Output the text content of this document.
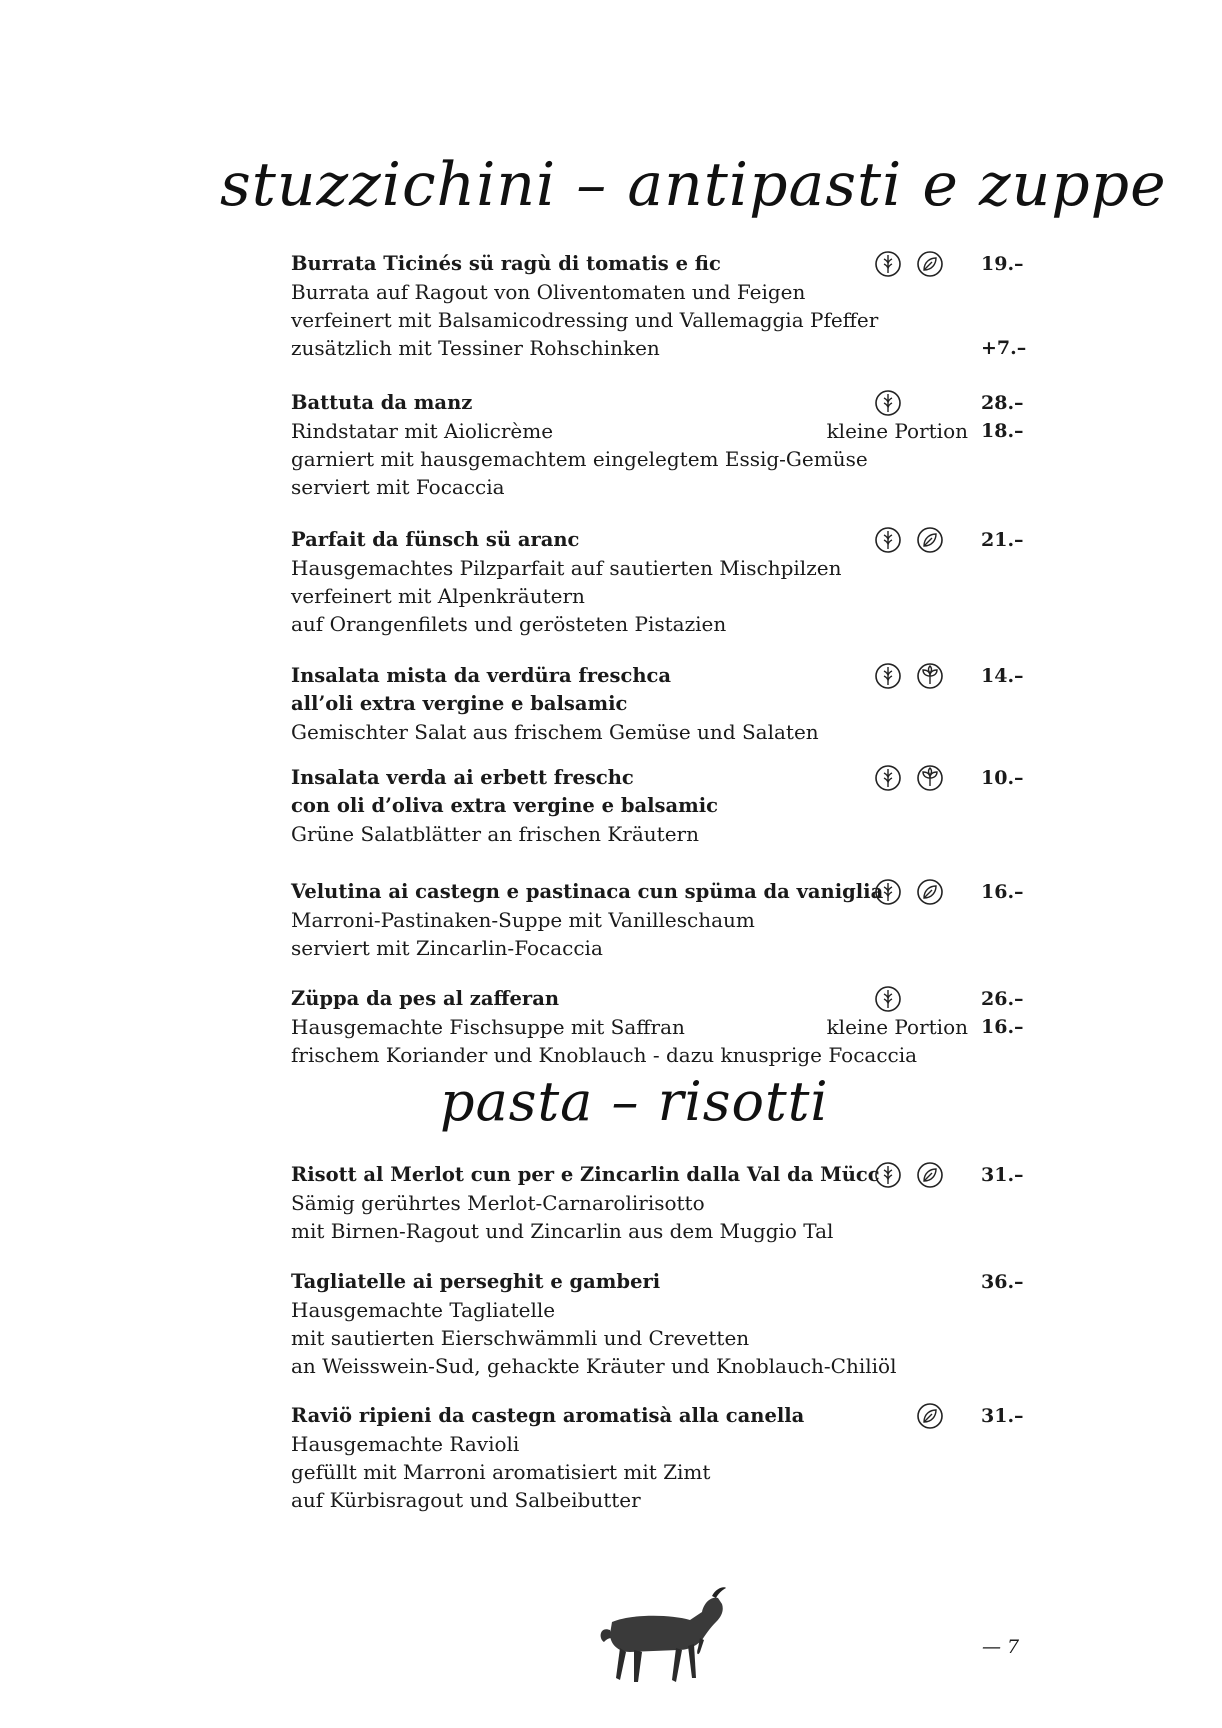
stuzzichini – antipasti e zuppe
Burrata Ticinés sü ragù di tomatis e fic	19.–
Burrata auf Ragout von Oliventomaten und Feigen
verfeinert mit Balsamicodressing und Vallemaggia Pfeffer
zusätzlich mit Tessiner Rohschinken	+7.–
Battuta da manz	28.–
Rindstatar mit Aiolicrème	kleine Portion 18.–
garniert mit hausgemachtem eingelegtem Essig-Gemüse
serviert mit Focaccia
Parfait da fünsch sü aranc	21.–
Hausgemachtes Pilzparfait auf sautierten Mischpilzen
verfeinert mit Alpenkräutern
auf Orangenfilets und gerösteten Pistazien
Insalata mista da verdüra freschca	14.–
all’oli extra vergine e balsamic
Gemischter Salat aus frischem Gemüse und Salaten
Insalata verda ai erbett freschc	10.–
con oli d’oliva extra vergine e balsamic
Grüne Salatblätter an frischen Kräutern
Velutina ai castegn e pastinaca cun spüma da vaniglia	16.–
Marroni-Pastinaken-Suppe mit Vanilleschaum
serviert mit Zincarlin-Focaccia
Züppa da pes al zafferan	26.–
Hausgemachte Fischsuppe mit Saffran	kleine Portion 16.–
frischem Koriander und Knoblauch - dazu knusprige Focaccia
pasta – risotti
Risott al Merlot cun per e Zincarlin dalla Val da Mücc	31.–
Sämig gerührtes Merlot-Carnarolirisotto
mit Birnen-Ragout und Zincarlin aus dem Muggio Tal
Tagliatelle ai perseghit e gamberi	36.–
Hausgemachte Tagliatelle
mit sautierten Eierschwämmli und Crevetten
an Weisswein-Sud, gehackte Kräuter und Knoblauch-Chiliöl
Raviö ripieni da castegn aromatisà alla canella	31.–
Hausgemachte Ravioli
gefüllt mit Marroni aromatisiert mit Zimt
auf Kürbisragout und Salbeibutter
— 7
